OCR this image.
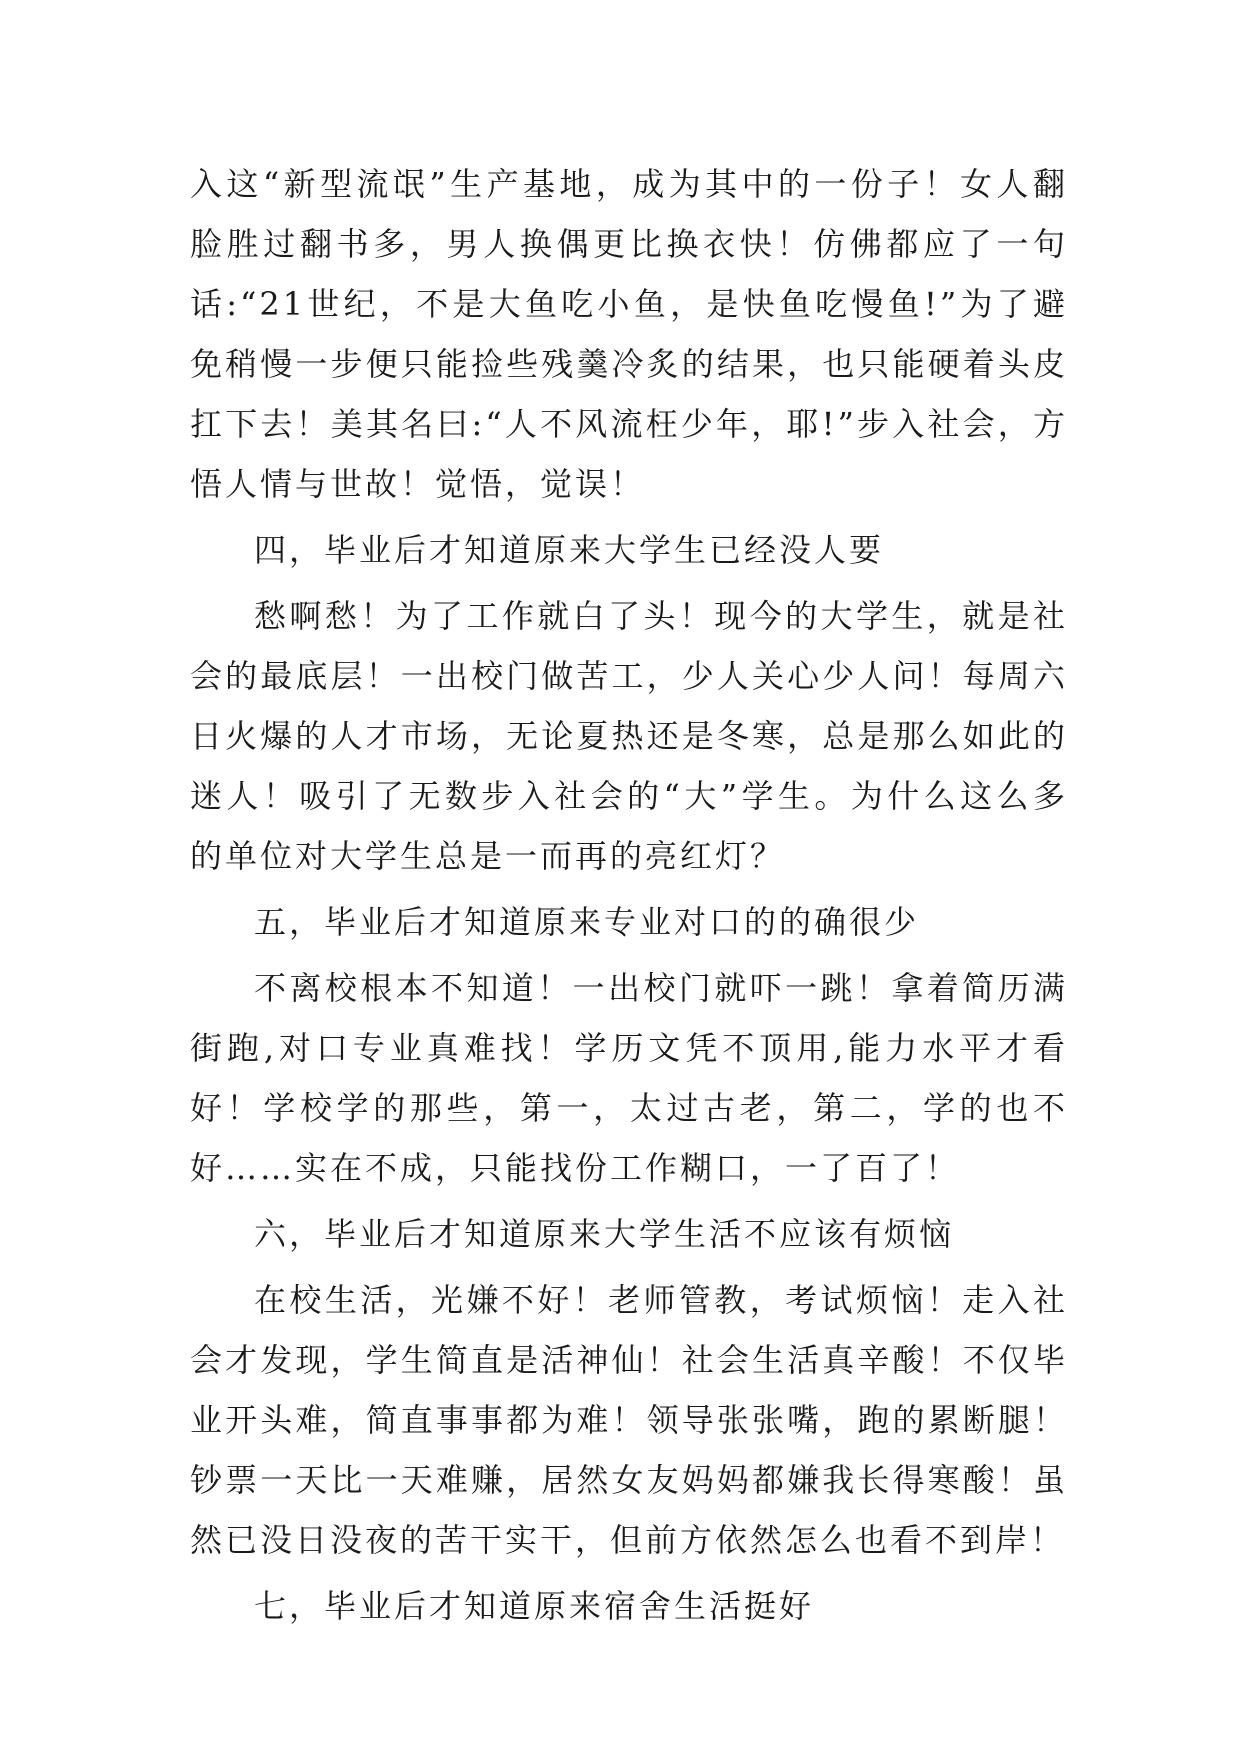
入这“新型流氓”生产基地，成为其中的一份子！女人翻脸胜过翻书多，男人换偶更比换衣快！仿佛都应了一句话:“21世纪，不是大鱼吃小鱼，是快鱼吃慢鱼!”为了避免稍慢一步便只能捡些残羹冷炙的结果，也只能硬着头皮扛下去！美其名曰:“人不风流枉少年，耶!”步入社会，方悟人情与世故！觉悟，觉误！

四，毕业后才知道原来大学生已经没人要

愁啊愁！为了工作就白了头！现今的大学生，就是社会的最底层！一出校门做苦工，少人关心少人问！每周六日火爆的人才市场，无论夏热还是冬寒，总是那么如此的迷人！吸引了无数步入社会的“大”学生。为什么这么多的单位对大学生总是一而再的亮红灯？

五，毕业后才知道原来专业对口的的确很少

不离校根本不知道！一出校门就吓一跳！拿着简历满街跑,对口专业真难找！学历文凭不顶用,能力水平才看好！学校学的那些，第一，太过古老，第二，学的也不好……实在不成，只能找份工作糊口，一了百了！

六，毕业后才知道原来大学生活不应该有烦恼

在校生活，光嫌不好！老师管教，考试烦恼！走入社会才发现，学生简直是活神仙！社会生活真辛酸！不仅毕业开头难，简直事事都为难！领导张张嘴，跑的累断腿！钞票一天比一天难赚，居然女友妈妈都嫌我长得寒酸！虽然已没日没夜的苦干实干，但前方依然怎么也看不到岸！

七，毕业后才知道原来宿舍生活挺好
